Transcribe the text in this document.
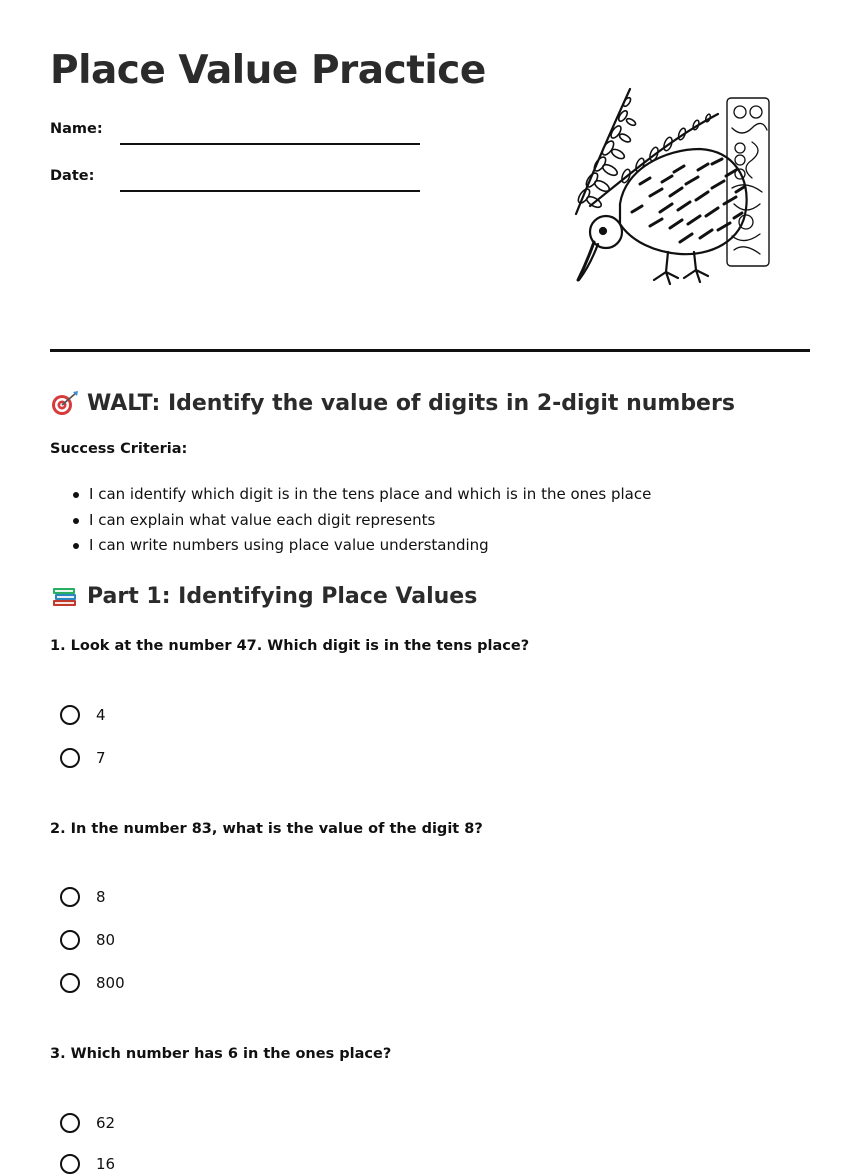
Place Value Practice
Name:
Date:
WALT: Identify the value of digits in 2-digit numbers
Success Criteria:
I can identify which digit is in the tens place and which is in the ones place
I can explain what value each digit represents
I can write numbers using place value understanding
Part 1: Identifying Place Values
1. Look at the number 47. Which digit is in the tens place?
4
7
2. In the number 83, what is the value of the digit 8?
8
80
800
3. Which number has 6 in the ones place?
62
16
